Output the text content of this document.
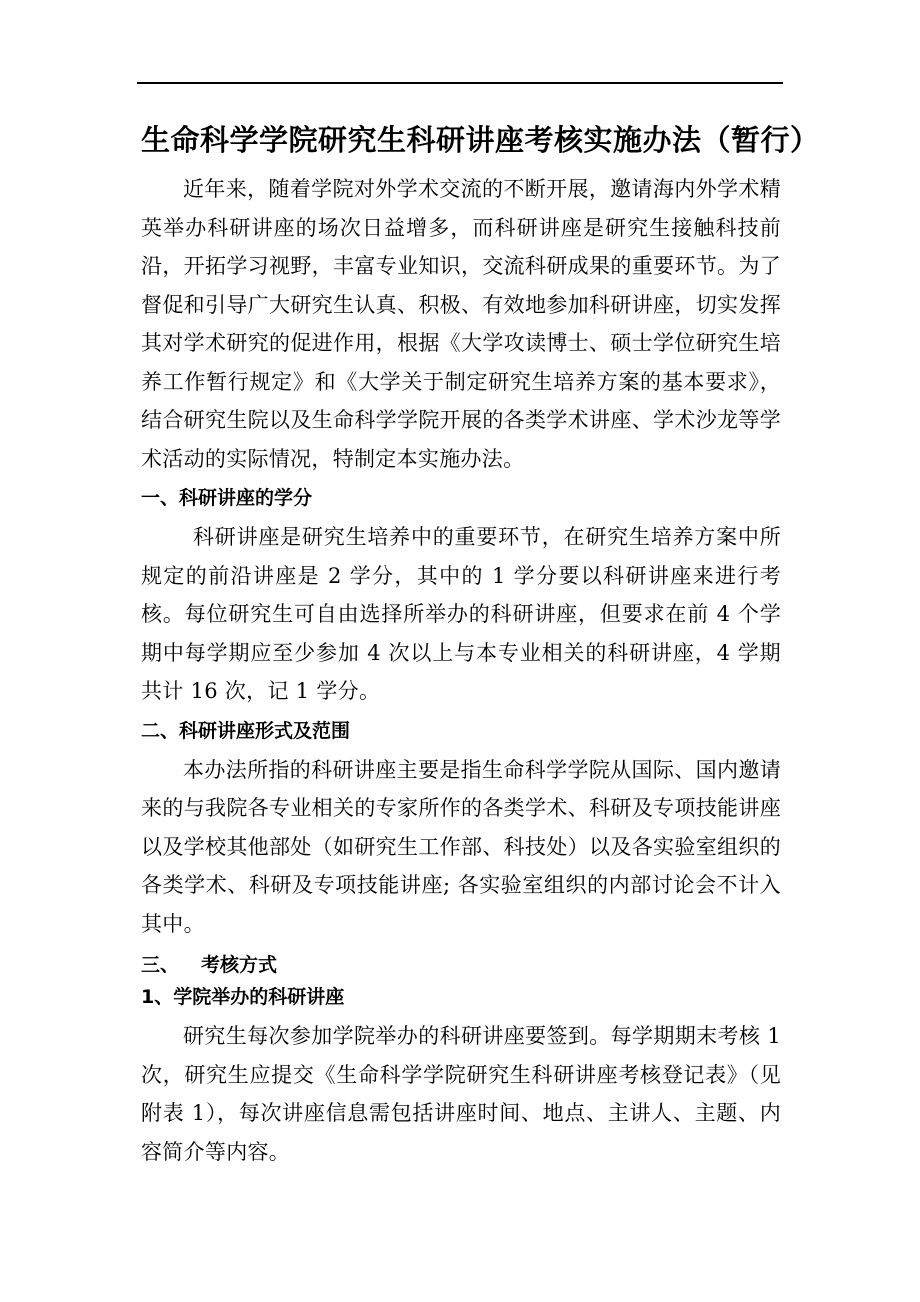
生命科学学院研究生科研讲座考核实施办法（暂行）

近年来，随着学院对外学术交流的不断开展，邀请海内外学术精英举办科研讲座的场次日益增多，而科研讲座是研究生接触科技前沿，开拓学习视野，丰富专业知识，交流科研成果的重要环节。为了督促和引导广大研究生认真、积极、有效地参加科研讲座，切实发挥其对学术研究的促进作用，根据《大学攻读博士、硕士学位研究生培养工作暂行规定》和《大学关于制定研究生培养方案的基本要求》，结合研究生院以及生命科学学院开展的各类学术讲座、学术沙龙等学术活动的实际情况，特制定本实施办法。

一、科研讲座的学分

科研讲座是研究生培养中的重要环节，在研究生培养方案中所规定的前沿讲座是 2 学分，其中的 1 学分要以科研讲座来进行考核。每位研究生可自由选择所举办的科研讲座，但要求在前 4 个学期中每学期应至少参加 4 次以上与本专业相关的科研讲座，4 学期共计 16 次，记 1 学分。

二、科研讲座形式及范围

本办法所指的科研讲座主要是指生命科学学院从国际、国内邀请来的与我院各专业相关的专家所作的各类学术、科研及专项技能讲座以及学校其他部处（如研究生工作部、科技处）以及各实验室组织的各类学术、科研及专项技能讲座; 各实验室组织的内部讨论会不计入其中。

三、 考核方式
1、学院举办的科研讲座

研究生每次参加学院举办的科研讲座要签到。每学期期末考核 1 次，研究生应提交《生命科学学院研究生科研讲座考核登记表》（见附表 1），每次讲座信息需包括讲座时间、地点、主讲人、主题、内容简介等内容。
